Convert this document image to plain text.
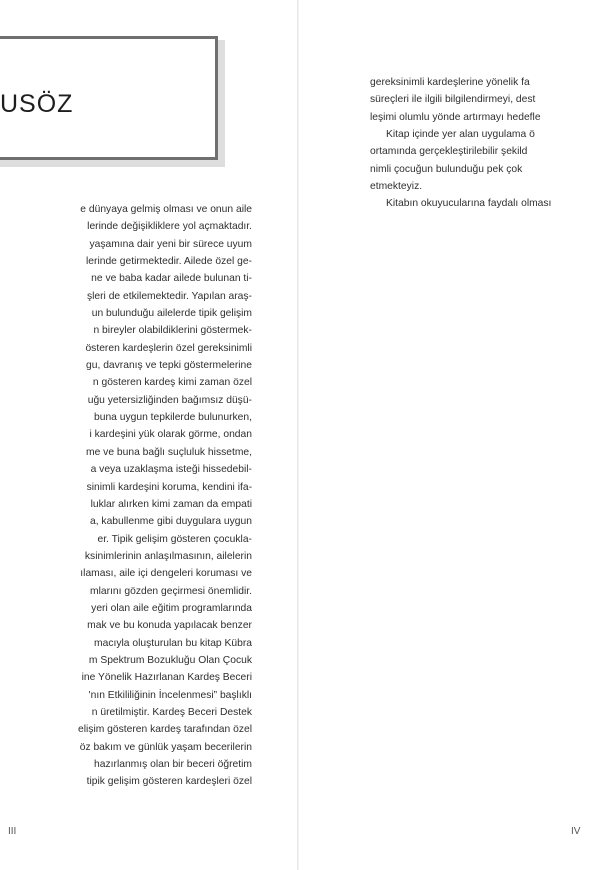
USÖZ
e dünyaya gelmiş olması ve onun aile
lerinde değişikliklere yol açmaktadır.
yaşamına dair yeni bir sürece uyum
lerinde getirmektedir. Ailede özel ge-
ne ve baba kadar ailede bulunan ti-
şleri de etkilemektedir. Yapılan araş-
un bulunduğu ailelerde tipik gelişim
n bireyler olabildiklerini göstermek-
österen kardeşlerin özel gereksinimli
gu, davranış ve tepki göstermelerine
n gösteren kardeş kimi zaman özel
uğu yetersizliğinden bağımsız düşü-
buna uygun tepkilerde bulunurken,
i kardeşini yük olarak görme, ondan
me ve buna bağlı suçluluk hissetme,
a veya uzaklaşma isteği hissedebil-
sinimli kardeşini koruma, kendini ifa-
luklar alırken kimi zaman da empati
a, kabullenme gibi duygulara uygun
er. Tipik gelişim gösteren çocukla-
ksinimlerinin anlaşılmasının, ailelerin
ılaması, aile içi dengeleri koruması ve
mlarını gözden geçirmesi önemlidir.
yeri olan aile eğitim programlarında
mak ve bu konuda yapılacak benzer
macıyla oluşturulan bu kitap Kübra
m Spektrum Bozukluğu Olan Çocuk
ine Yönelik Hazırlanan Kardeş Beceri
'nın Etkililiğinin İncelenmesi” başlıklı
n üretilmiştir. Kardeş Beceri Destek
elişim gösteren kardeş tarafından özel
öz bakım ve günlük yaşam becerilerin
hazırlanmış olan bir beceri öğretim
tipik gelişim gösteren kardeşleri özel
III
gereksinimli kardeşlerine yönelik fa
süreçleri ile ilgili bilgilendirmeyi, dest
leşimi olumlu yönde artırmayı hedefle
Kitap içinde yer alan uygulama ö
ortamında gerçekleştirilebilir şekild
nimli çocuğun bulunduğu pek çok
etmekteyiz.
Kitabın okuyucularına faydalı olması
IV
